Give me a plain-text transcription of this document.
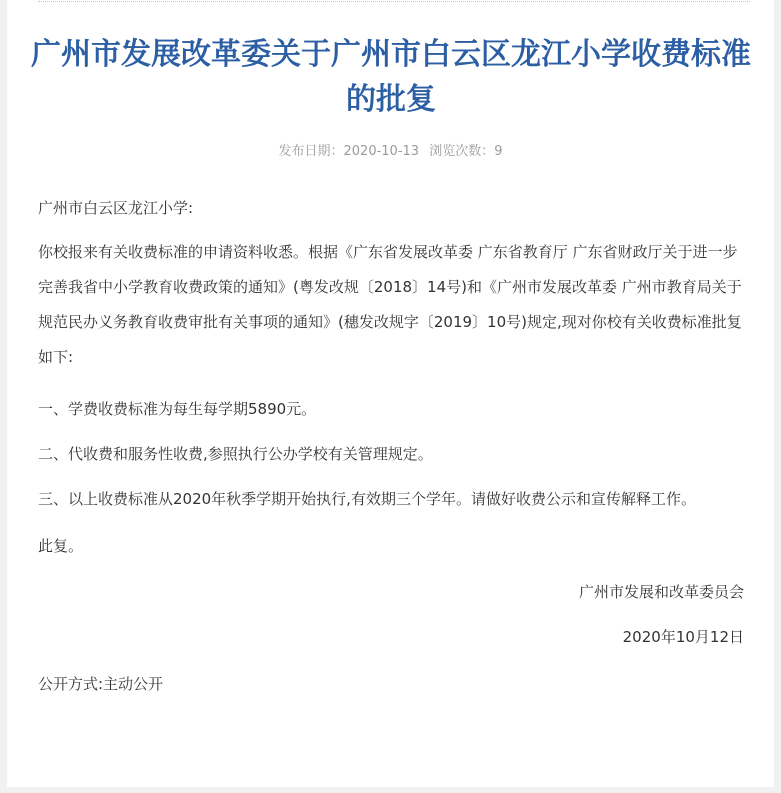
广州市发展改革委关于广州市白云区龙江小学收费标准的批复
发布日期：2020-10-13 浏览次数：9

广州市白云区龙江小学:

你校报来有关收费标准的申请资料收悉。根据《广东省发展改革委 广东省教育厅 广东省财政厅关于进一步完善我省中小学教育收费政策的通知》(粤发改规〔2018〕14号)和《广州市发展改革委 广州市教育局关于规范民办义务教育收费审批有关事项的通知》(穗发改规字〔2019〕10号)规定,现对你校有关收费标准批复如下:

一、学费收费标准为每生每学期5890元。

二、代收费和服务性收费,参照执行公办学校有关管理规定。

三、以上收费标准从2020年秋季学期开始执行,有效期三个学年。请做好收费公示和宣传解释工作。

此复。

广州市发展和改革委员会

2020年10月12日

公开方式:主动公开
